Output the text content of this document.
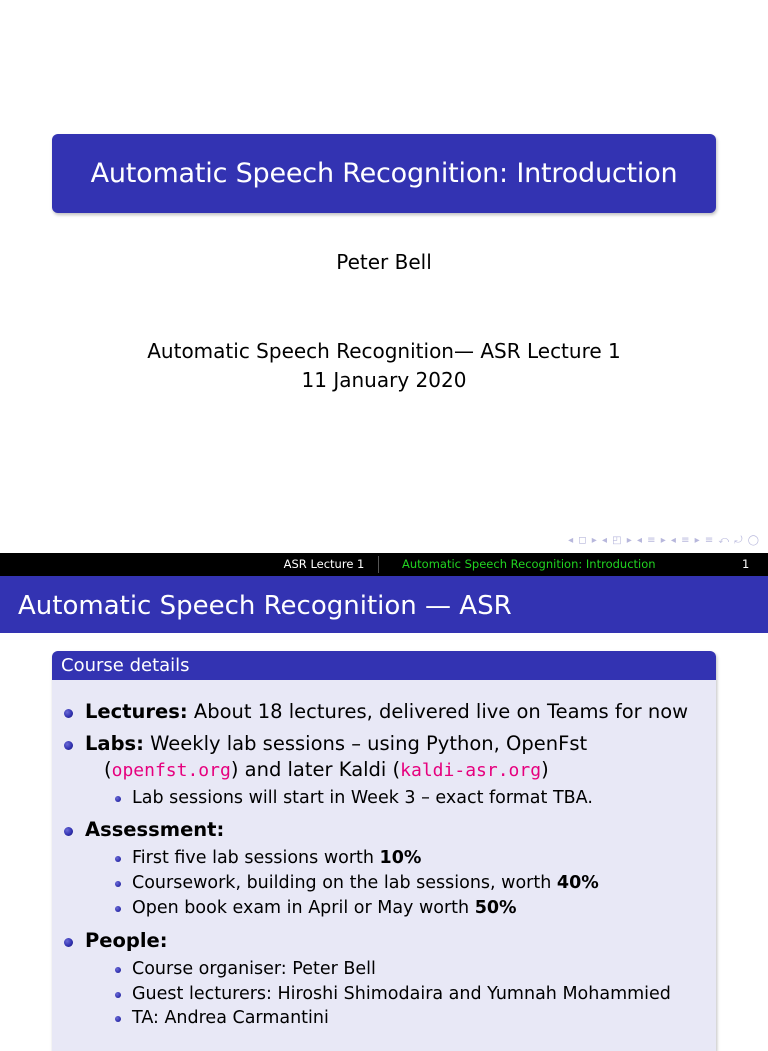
Automatic Speech Recognition: Introduction
Peter Bell
Automatic Speech Recognition— ASR Lecture 1
11 January 2020
◂ ◻ ▸ ◂ ◰ ▸ ◂ ≡ ▸ ◂ ≡ ▸ ≡ ⤺ ⤾ ◯
ASR Lecture 1	Automatic Speech Recognition: Introduction	1
Automatic Speech Recognition — ASR
Course details
Lectures: About 18 lectures, delivered live on Teams for now
Labs: Weekly lab sessions – using Python, OpenFst
(openfst.org) and later Kaldi (kaldi-asr.org)
Lab sessions will start in Week 3 – exact format TBA.
Assessment:
First five lab sessions worth 10%
Coursework, building on the lab sessions, worth 40%
Open book exam in April or May worth 50%
People:
Course organiser: Peter Bell
Guest lecturers: Hiroshi Shimodaira and Yumnah Mohammied
TA: Andrea Carmantini
